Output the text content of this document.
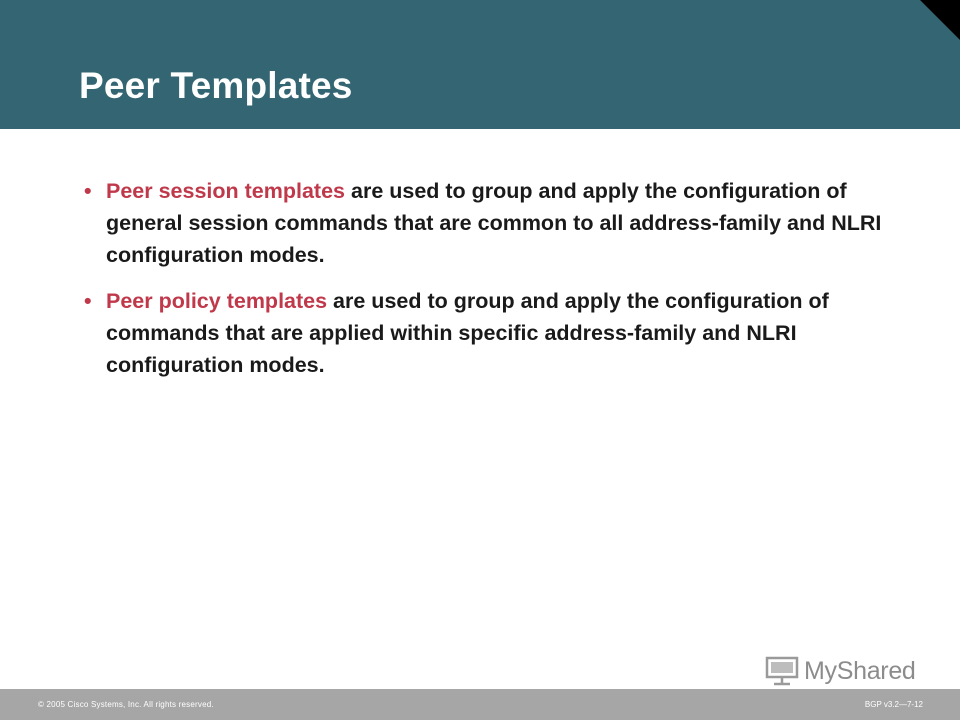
Peer Templates
• Peer session templates are used to group and apply the configuration of general session commands that are common to all address-family and NLRI configuration modes.
• Peer policy templates are used to group and apply the configuration of commands that are applied within specific address-family and NLRI configuration modes.
MyShared
© 2005 Cisco Systems, Inc. All rights reserved.	BGP v3.2—7-12
